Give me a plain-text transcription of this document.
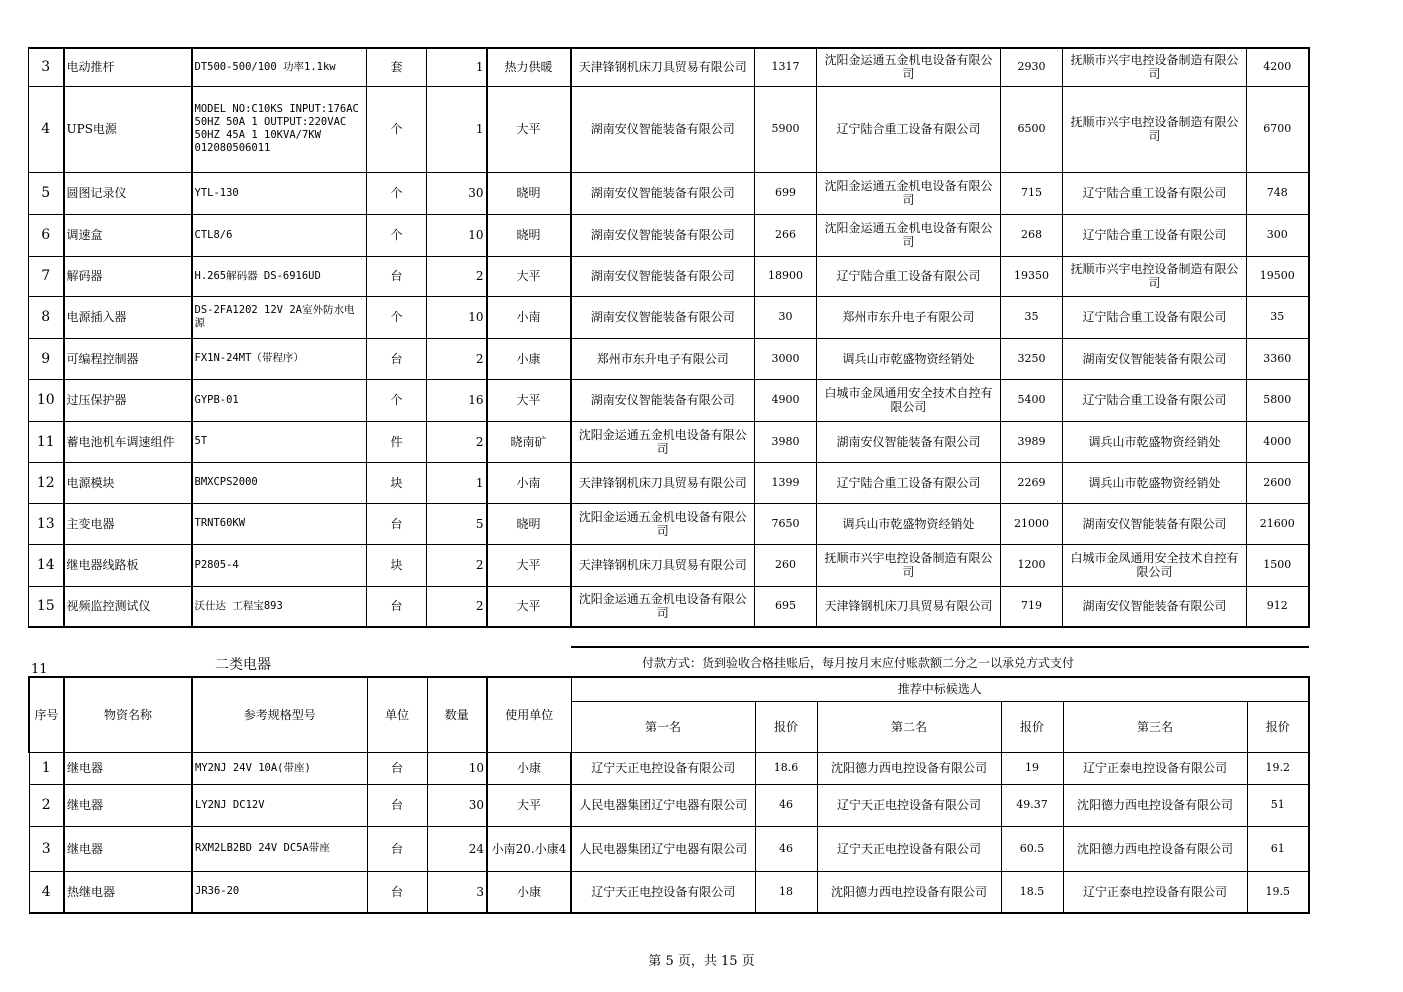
3	电动推杆	DT500-500/100 功率1.1kw	套	1	热力供暖	天津锋钢机床刀具贸易有限公司	1317	沈阳金运通五金机电设备有限公司	2930	抚顺市兴宇电控设备制造有限公司	4200
4	UPS电源	MODEL NO:C10KS INPUT:176AC 50HZ 50A 1 OUTPUT:220VAC 50HZ 45A 1 10KVA/7KW 012080506011	个	1	大平	湖南安仪智能装备有限公司	5900	辽宁陆合重工设备有限公司	6500	抚顺市兴宇电控设备制造有限公司	6700
5	圆图记录仪	YTL-130	个	30	晓明	湖南安仪智能装备有限公司	699	沈阳金运通五金机电设备有限公司	715	辽宁陆合重工设备有限公司	748
6	调速盒	CTL8/6	个	10	晓明	湖南安仪智能装备有限公司	266	沈阳金运通五金机电设备有限公司	268	辽宁陆合重工设备有限公司	300
7	解码器	H.265解码器 DS-6916UD	台	2	大平	湖南安仪智能装备有限公司	18900	辽宁陆合重工设备有限公司	19350	抚顺市兴宇电控设备制造有限公司	19500
8	电源插入器	DS-2FA1202 12V 2A室外防水电源	个	10	小南	湖南安仪智能装备有限公司	30	郑州市东升电子有限公司	35	辽宁陆合重工设备有限公司	35
9	可编程控制器	FX1N-24MT（带程序）	台	2	小康	郑州市东升电子有限公司	3000	调兵山市乾盛物资经销处	3250	湖南安仪智能装备有限公司	3360
10	过压保护器	GYPB-01	个	16	大平	湖南安仪智能装备有限公司	4900	白城市金凤通用安全技术自控有限公司	5400	辽宁陆合重工设备有限公司	5800
11	蓄电池机车调速组件	5T	件	2	晓南矿	沈阳金运通五金机电设备有限公司	3980	湖南安仪智能装备有限公司	3989	调兵山市乾盛物资经销处	4000
12	电源模块	BMXCPS2000	块	1	小南	天津锋钢机床刀具贸易有限公司	1399	辽宁陆合重工设备有限公司	2269	调兵山市乾盛物资经销处	2600
13	主变电器	TRNT60KW	台	5	晓明	沈阳金运通五金机电设备有限公司	7650	调兵山市乾盛物资经销处	21000	湖南安仪智能装备有限公司	21600
14	继电器线路板	P2805-4	块	2	大平	天津锋钢机床刀具贸易有限公司	260	抚顺市兴宇电控设备制造有限公司	1200	白城市金凤通用安全技术自控有限公司	1500
15	视频监控测试仪	沃仕达 工程宝893	台	2	大平	沈阳金运通五金机电设备有限公司	695	天津锋钢机床刀具贸易有限公司	719	湖南安仪智能装备有限公司	912
11	二类电器	付款方式：货到验收合格挂账后，每月按月末应付账款额二分之一以承兑方式支付
序号	物资名称	参考规格型号	单位	数量	使用单位	推荐中标候选人					
						第一名	报价	第二名	报价	第三名	报价
1	继电器	MY2NJ 24V 10A(带座)	台	10	小康	辽宁天正电控设备有限公司	18.6	沈阳德力西电控设备有限公司	19	辽宁正泰电控设备有限公司	19.2
2	继电器	LY2NJ DC12V	台	30	大平	人民电器集团辽宁电器有限公司	46	辽宁天正电控设备有限公司	49.37	沈阳德力西电控设备有限公司	51
3	继电器	RXM2LB2BD 24V DC5A带座	台	24	小南20.小康4	人民电器集团辽宁电器有限公司	46	辽宁天正电控设备有限公司	60.5	沈阳德力西电控设备有限公司	61
4	热继电器	JR36-20	台	3	小康	辽宁天正电控设备有限公司	18	沈阳德力西电控设备有限公司	18.5	辽宁正泰电控设备有限公司	19.5
第 5 页，共 15 页
